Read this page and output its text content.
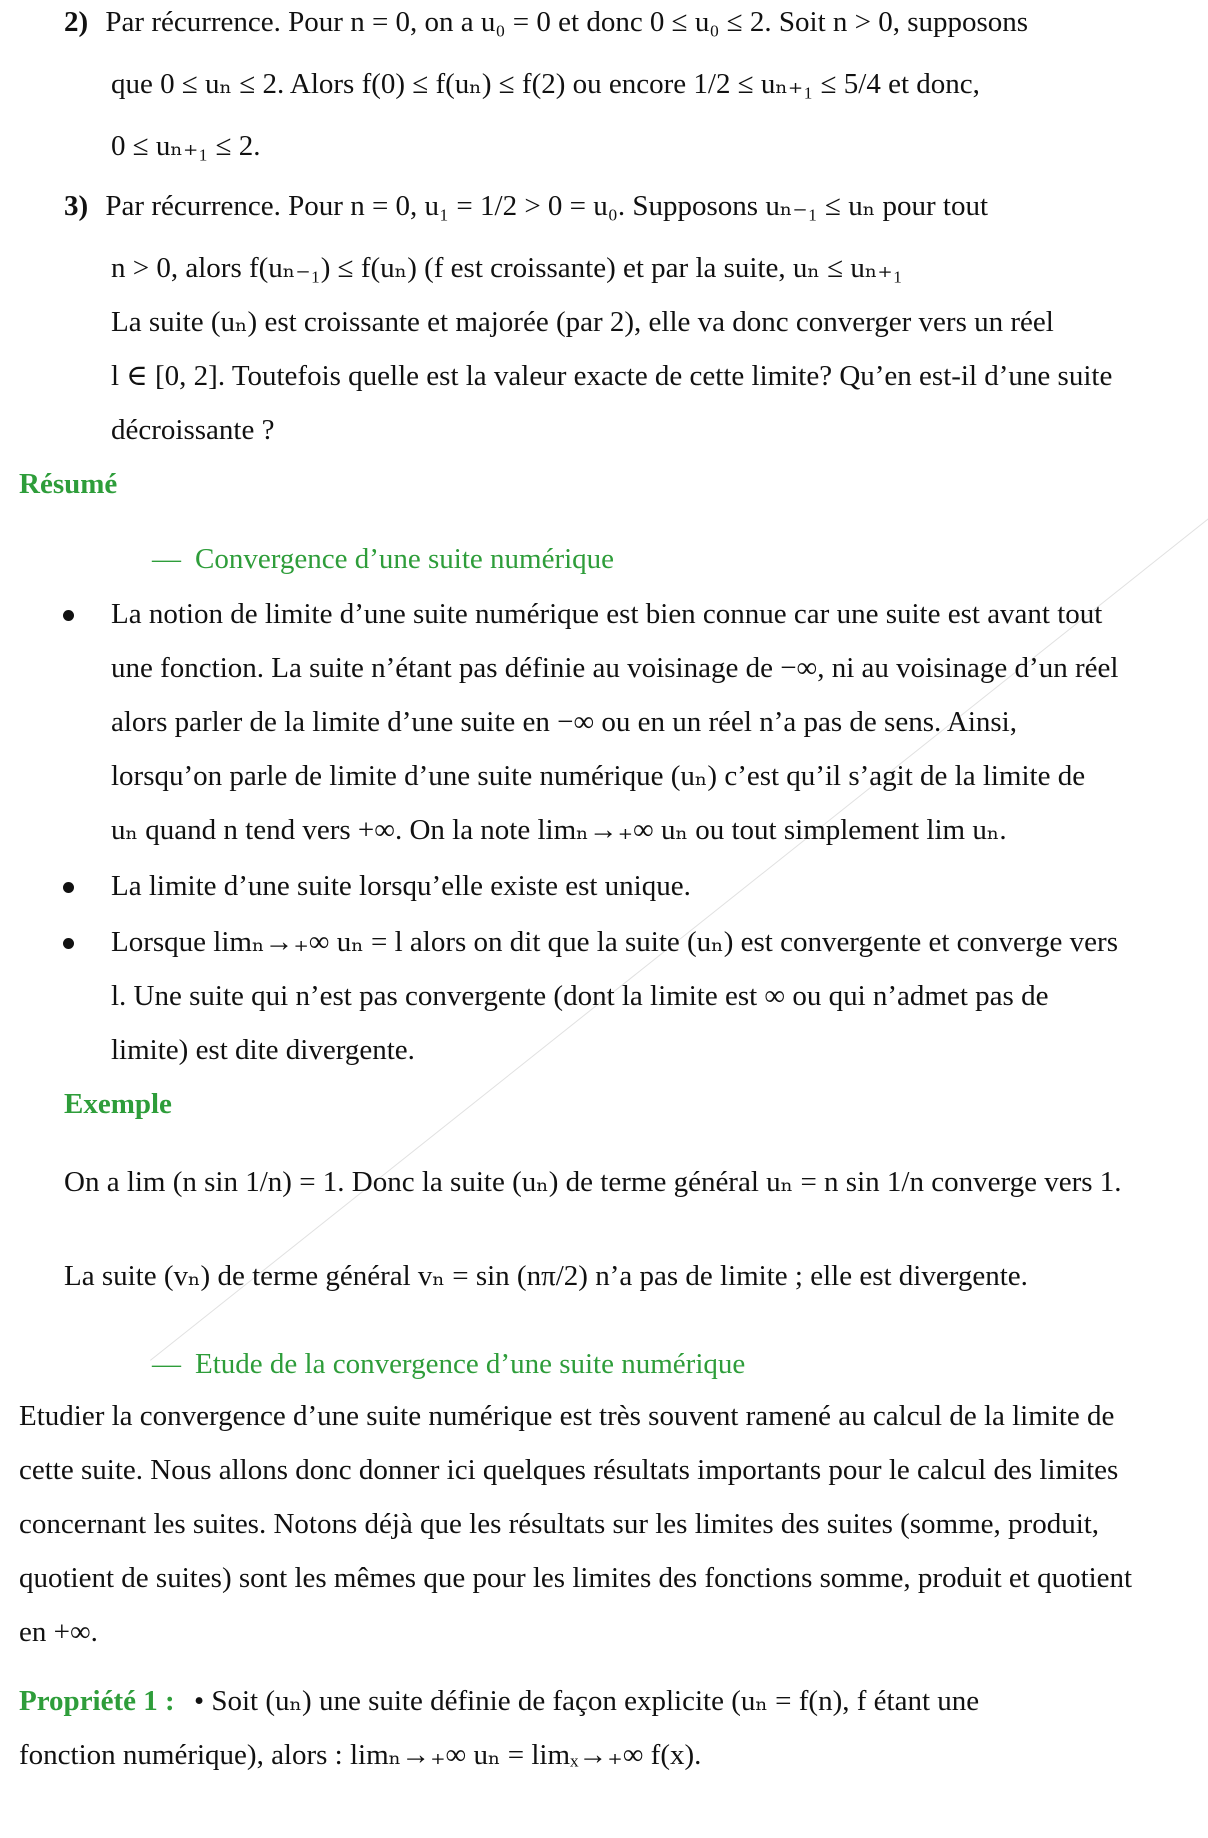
2) Par récurrence. Pour n = 0, on a u₀ = 0 et donc 0 ≤ u₀ ≤ 2. Soit n > 0, supposons
que 0 ≤ uₙ ≤ 2. Alors f(0) ≤ f(uₙ) ≤ f(2) ou encore 1/2 ≤ uₙ₊₁ ≤ 5/4 et donc,
0 ≤ uₙ₊₁ ≤ 2.
3) Par récurrence. Pour n = 0, u₁ = 1/2 > 0 = u₀. Supposons uₙ₋₁ ≤ uₙ pour tout
n > 0, alors f(uₙ₋₁) ≤ f(uₙ) (f est croissante) et par la suite, uₙ ≤ uₙ₊₁
La suite (uₙ) est croissante et majorée (par 2), elle va donc converger vers un réel
l ∈ [0, 2]. Toutefois quelle est la valeur exacte de cette limite? Qu’en est-il d’une suite
décroissante ?
Résumé
— Convergence d’une suite numérique
La notion de limite d’une suite numérique est bien connue car une suite est avant tout
une fonction. La suite n’étant pas définie au voisinage de −∞, ni au voisinage d’un réel
alors parler de la limite d’une suite en −∞ ou en un réel n’a pas de sens. Ainsi,
lorsqu’on parle de limite d’une suite numérique (uₙ) c’est qu’il s’agit de la limite de
uₙ quand n tend vers +∞. On la note limₙ→₊∞ uₙ ou tout simplement lim uₙ.
La limite d’une suite lorsqu’elle existe est unique.
Lorsque limₙ→₊∞ uₙ = l alors on dit que la suite (uₙ) est convergente et converge vers
l. Une suite qui n’est pas convergente (dont la limite est ∞ ou qui n’admet pas de
limite) est dite divergente.
Exemple
On a lim (n sin 1/n) = 1. Donc la suite (uₙ) de terme général uₙ = n sin 1/n converge vers 1.
La suite (vₙ) de terme général vₙ = sin (nπ/2) n’a pas de limite ; elle est divergente.
— Etude de la convergence d’une suite numérique
Etudier la convergence d’une suite numérique est très souvent ramené au calcul de la limite de
cette suite. Nous allons donc donner ici quelques résultats importants pour le calcul des limites
concernant les suites. Notons déjà que les résultats sur les limites des suites (somme, produit,
quotient de suites) sont les mêmes que pour les limites des fonctions somme, produit et quotient
en +∞.
Propriété 1 : • Soit (uₙ) une suite définie de façon explicite (uₙ = f(n), f étant une
fonction numérique), alors : limₙ→₊∞ uₙ = limₓ→₊∞ f(x).
